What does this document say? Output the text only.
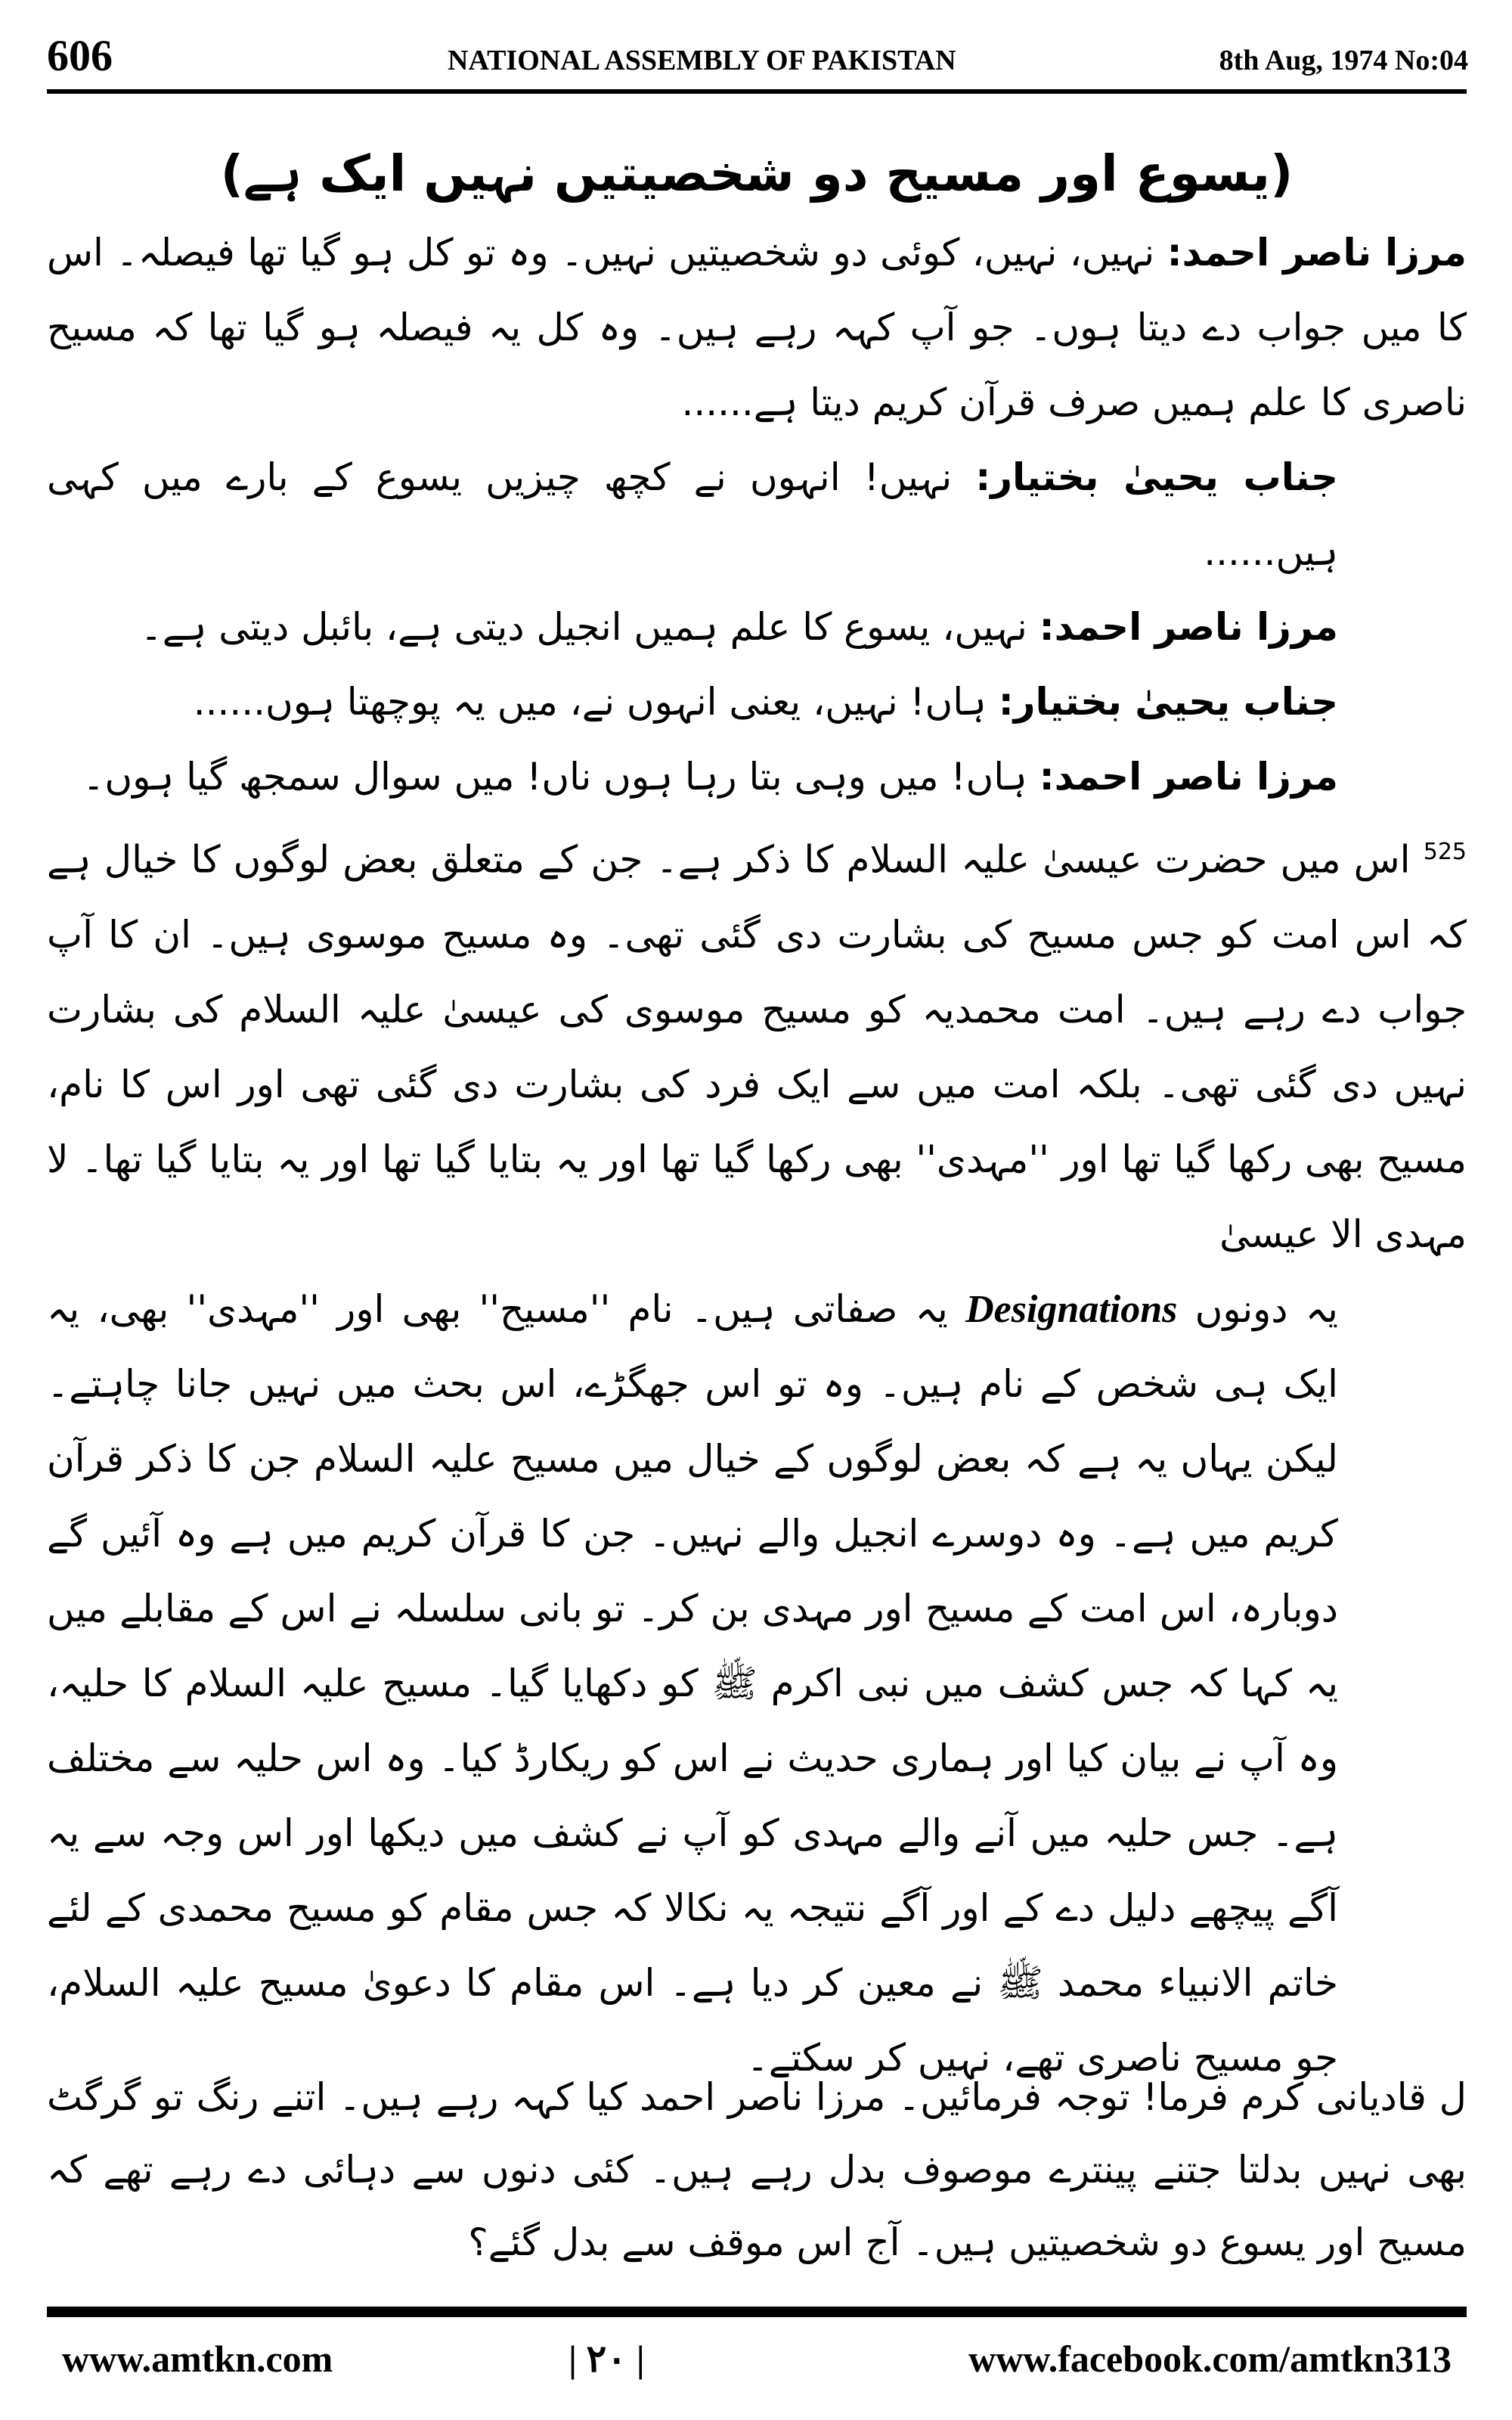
606	NATIONAL ASSEMBLY OF PAKISTAN	8th Aug, 1974 No:04
(یسوع اور مسیح دو شخصیتیں نہیں ایک ہے)

مرزا ناصر احمد: نہیں، نہیں، کوئی دو شخصیتیں نہیں۔ وہ تو کل ہو گیا تھا فیصلہ۔ اس کا میں جواب دے دیتا ہوں۔ جو آپ کہہ رہے ہیں۔ وہ کل یہ فیصلہ ہو گیا تھا کہ مسیح ناصری کا علم ہمیں صرف قرآن کریم دیتا ہے......

جناب یحییٰ بختیار: نہیں! انہوں نے کچھ چیزیں یسوع کے بارے میں کہی ہیں......

مرزا ناصر احمد: نہیں، یسوع کا علم ہمیں انجیل دیتی ہے، بائبل دیتی ہے۔

جناب یحییٰ بختیار: ہاں! نہیں، یعنی انہوں نے، میں یہ پوچھتا ہوں......

مرزا ناصر احمد: ہاں! میں وہی بتا رہا ہوں ناں! میں سوال سمجھ گیا ہوں۔

$^{525}$ اس میں حضرت عیسیٰ علیہ السلام کا ذکر ہے۔ جن کے متعلق بعض لوگوں کا خیال ہے کہ اس امت کو جس مسیح کی بشارت دی گئی تھی۔ وہ مسیح موسوی ہیں۔ ان کا آپ جواب دے رہے ہیں۔ امت محمدیہ کو مسیح موسوی کی عیسیٰ علیہ السلام کی بشارت نہیں دی گئی تھی۔ بلکہ امت میں سے ایک فرد کی بشارت دی گئی تھی اور اس کا نام، مسیح بھی رکھا گیا تھا اور ''مہدی'' بھی رکھا گیا تھا اور یہ بتایا گیا تھا اور یہ بتایا گیا تھا۔ لا مہدی الا عیسیٰ

یہ دونوں Designations یہ صفاتی ہیں۔ نام ''مسیح'' بھی اور ''مہدی'' بھی، یہ ایک ہی شخص کے نام ہیں۔ وہ تو اس جھگڑے، اس بحث میں نہیں جانا چاہتے۔ لیکن یہاں یہ ہے کہ بعض لوگوں کے خیال میں مسیح علیہ السلام جن کا ذکر قرآن کریم میں ہے۔ وہ دوسرے انجیل والے نہیں۔ جن کا قرآن کریم میں ہے وہ آئیں گے دوبارہ، اس امت کے مسیح اور مہدی بن کر۔ تو بانی سلسلہ نے اس کے مقابلے میں یہ کہا کہ جس کشف میں نبی اکرم ﷺ کو دکھایا گیا۔ مسیح علیہ السلام کا حلیہ، وہ آپ نے بیان کیا اور ہماری حدیث نے اس کو ریکارڈ کیا۔ وہ اس حلیہ سے مختلف ہے۔ جس حلیہ میں آنے والے مہدی کو آپ نے کشف میں دیکھا اور اس وجہ سے یہ آگے پیچھے دلیل دے کے اور آگے نتیجہ یہ نکالا کہ جس مقام کو مسیح محمدی کے لئے خاتم الانبیاء محمد ﷺ نے معین کر دیا ہے۔ اس مقام کا دعویٰ مسیح علیہ السلام، جو مسیح ناصری تھے، نہیں کر سکتے۔

ل قادیانی کرم فرما! توجہ فرمائیں۔ مرزا ناصر احمد کیا کہہ رہے ہیں۔ اتنے رنگ تو گرگٹ بھی نہیں بدلتا جتنے پینترے موصوف بدل رہے ہیں۔ کئی دنوں سے دہائی دے رہے تھے کہ مسیح اور یسوع دو شخصیتیں ہیں۔ آج اس موقف سے بدل گئے؟

www.amtkn.com	| ۲۰ |	www.facebook.com/amtkn313
